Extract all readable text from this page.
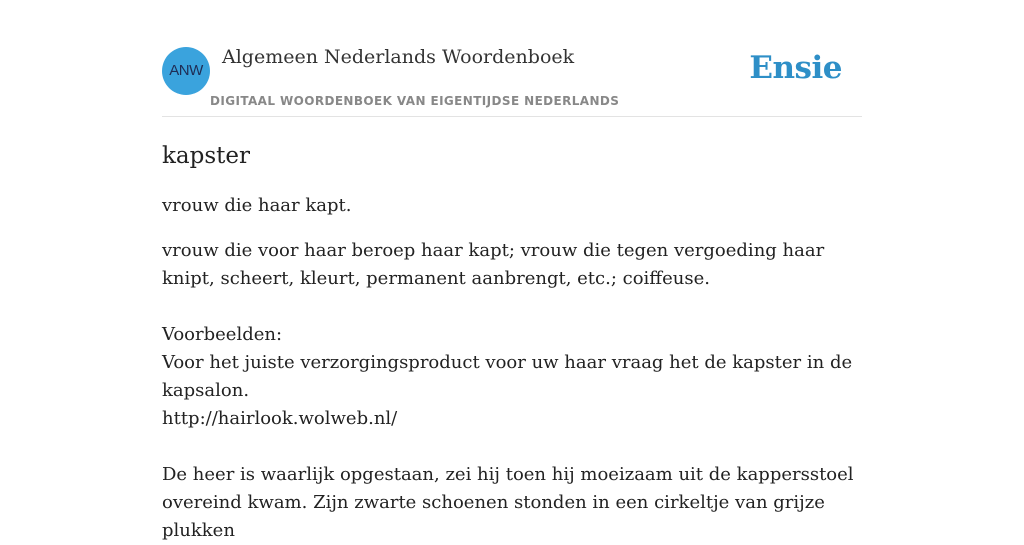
ANW
Algemeen Nederlands Woordenboek
DIGITAAL WOORDENBOEK VAN EIGENTIJDSE NEDERLANDS
Ensie
kapster

vrouw die haar kapt.

vrouw die voor haar beroep haar kapt; vrouw die tegen vergoeding haar knipt, scheert, kleurt, permanent aanbrengt, etc.; coiffeuse.

Voorbeelden:
Voor het juiste verzorgingsproduct voor uw haar vraag het de kapster in de kapsalon.
http://hairlook.wolweb.nl/
De heer is waarlijk opgestaan, zei hij toen hij moeizaam uit de kappersstoel overeind kwam. Zijn zwarte schoenen stonden in een cirkeltje van grijze plukken
